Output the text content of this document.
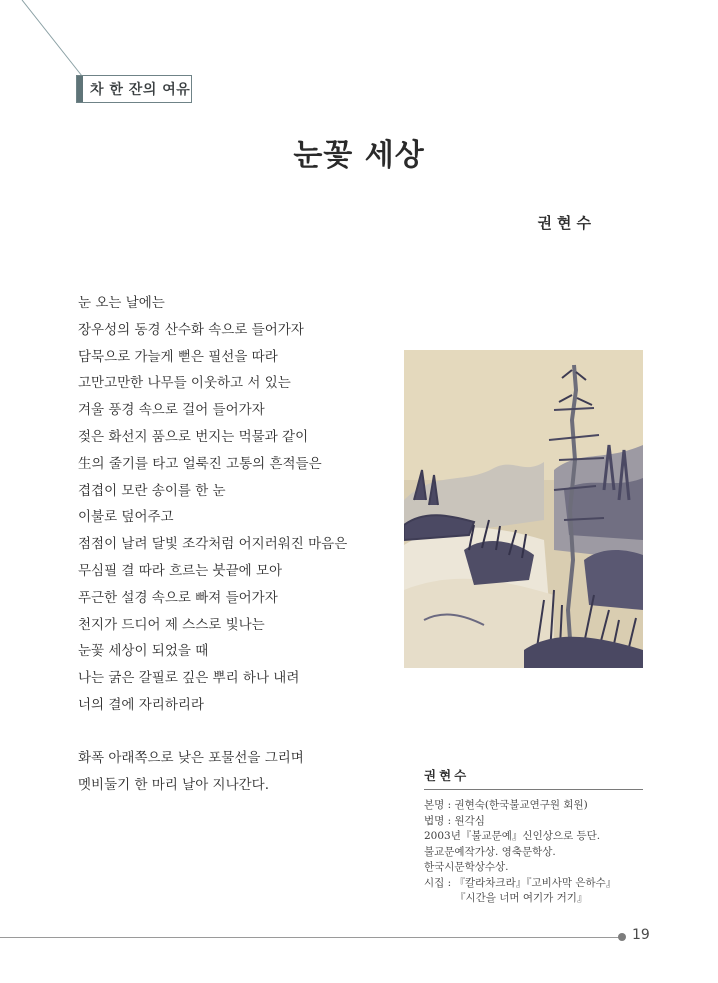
차 한 잔의 여유
눈꽃 세상
권현수
눈 오는 날에는
장우성의 동경 산수화 속으로 들어가자
담묵으로 가늘게 뻗은 필선을 따라
고만고만한 나무들 이웃하고 서 있는
겨울 풍경 속으로 걸어 들어가자
젖은 화선지 품으로 번지는 먹물과 같이
生의 줄기를 타고 얼룩진 고통의 흔적들은
겹겹이 모란 송이를 한 눈
이불로 덮어주고
점점이 날려 달빛 조각처럼 어지러워진 마음은
무심필 결 따라 흐르는 붓끝에 모아
푸근한 설경 속으로 빠져 들어가자
천지가 드디어 제 스스로 빛나는
눈꽃 세상이 되었을 때
나는 굵은 갈필로 깊은 뿌리 하나 내려
너의 결에 자리하리라
화폭 아래쪽으로 낮은 포물선을 그리며
멧비둘기 한 마리 날아 지나간다.
권현수
본명 : 권현숙(한국불교연구원 회원)
법명 : 원각심
2003년『불교문예』신인상으로 등단.
불교문예작가상. 영축문학상.
한국시문학상수상.
시집 : 『칼라차크라』『고비사막 은하수』
『시간을 너머 여기가 거기』
19
